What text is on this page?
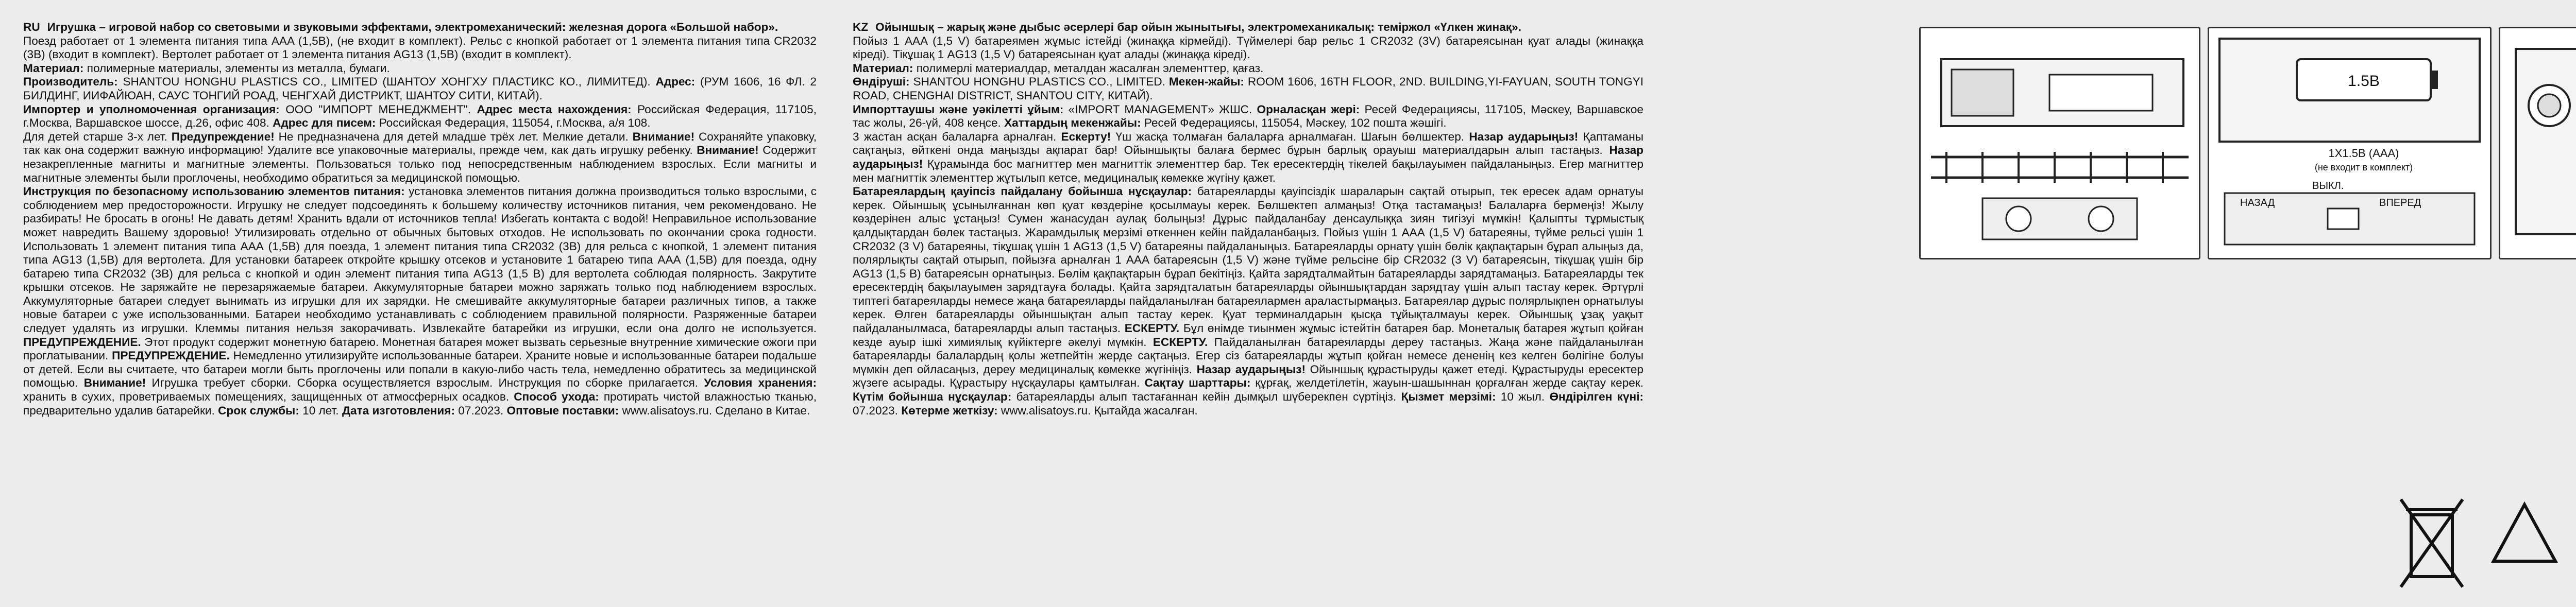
RU Игрушка – игровой набор со световыми и звуковыми эффектами, электромеханический: железная дорога «Большой набор».

Поезд работает от 1 элемента питания типа AAA (1,5В), (не входит в комплект). Рельс с кнопкой работает от 1 элемента питания типа CR2032 (3В) (входит в комплект). Вертолет работает от 1 элемента питания AG13 (1,5В) (входит в комплект).

Материал: полимерные материалы, элементы из металла, бумаги.

Производитель: SHANTOU HONGHU PLASTICS CO., LIMITED (ШАНТОУ ХОНГХУ ПЛАСТИКС КО., ЛИМИТЕД). Адрес: (РУМ 1606, 16 ФЛ. 2 БИЛДИНГ, ИИФАЙЮАН, САУС ТОНГИЙ РОАД, ЧЕНГХАЙ ДИСТРИКТ, ШАНТОУ СИТИ, КИТАЙ).

Импортер и уполномоченная организация: ООО "ИМПОРТ МЕНЕДЖМЕНТ". Адрес места нахождения: Российская Федерация, 117105, г.Москва, Варшавское шоссе, д.26, офис 408. Адрес для писем: Российская Федерация, 115054, г.Москва, а/я 108.

Для детей старше 3-х лет. Предупреждение! Не предназначена для детей младше трёх лет. Мелкие детали. Внимание! Сохраняйте упаковку, так как она содержит важную информацию! Удалите все упаковочные материалы, прежде чем, как дать игрушку ребенку. Внимание! Содержит незакрепленные магниты и магнитные элементы. Пользоваться только под непосредственным наблюдением взрослых. Если магниты и магнитные элементы были проглочены, необходимо обратиться за медицинской помощью.

Инструкция по безопасному использованию элементов питания: установка элементов питания должна производиться только взрослыми, с соблюдением мер предосторожности. Игрушку не следует подсоединять к большему количеству источников питания, чем рекомендовано. Не разбирать! Не бросать в огонь! Не давать детям! Хранить вдали от источников тепла! Избегать контакта с водой! Неправильное использование может навредить Вашему здоровью! Утилизировать отдельно от обычных бытовых отходов. Не использовать по окончании срока годности. Использовать 1 элемент питания типа ААА (1,5В) для поезда, 1 элемент питания типа CR2032 (3В) для рельса с кнопкой, 1 элемент питания типа AG13 (1,5В) для вертолета. Для установки батареек откройте крышку отсеков и установите 1 батарею типа ААА (1,5В) для поезда, одну батарею типа CR2032 (3В) для рельса с кнопкой и один элемент питания типа AG13 (1,5 В) для вертолета соблюдая полярность. Закрутите крышки отсеков. Не заряжайте не перезаряжаемые батареи. Аккумуляторные батареи можно заряжать только под наблюдением взрослых. Аккумуляторные батареи следует вынимать из игрушки для их зарядки. Не смешивайте аккумуляторные батареи различных типов, а также новые батареи с уже использованными. Батареи необходимо устанавливать с соблюдением правильной полярности. Разряженные батареи следует удалять из игрушки. Клеммы питания нельзя закорачивать. Извлекайте батарейки из игрушки, если она долго не используется. ПРЕДУПРЕЖДЕНИЕ. Этот продукт содержит монетную батарею. Монетная батарея может вызвать серьезные внутренние химические ожоги при проглатывании. ПРЕДУПРЕЖДЕНИЕ. Немедленно утилизируйте использованные батареи. Храните новые и использованные батареи подальше от детей. Если вы считаете, что батареи могли быть проглочены или попали в какую-либо часть тела, немедленно обратитесь за медицинской помощью. Внимание! Игрушка требует сборки. Сборка осуществляется взрослым. Инструкция по сборке прилагается. Условия хранения: хранить в сухих, проветриваемых помещениях, защищенных от атмосферных осадков. Способ ухода: протирать чистой влажностью тканью, предварительно удалив батарейки. Срок службы: 10 лет. Дата изготовления: 07.2023. Оптовые поставки: www.alisatoys.ru. Сделано в Китае.

KZ Ойыншық – жарық және дыбыс әсерлері бар ойын жынытығы, электромеханикалық: теміржол «Үлкен жинақ».

Пойыз 1 AAA (1,5 V) батареямен жұмыс істейді (жинаққа кірмейді). Түймелері бар рельс 1 CR2032 (3V) батареясынан қуат алады (жинаққа кіреді). Тікұшақ 1 AG13 (1,5 V) батареясынан қуат алады (жинаққа кіреді).

Материал: полимерлі материалдар, металдан жасалған элементтер, қағаз.

Өндіруші: SHANTOU HONGHU PLASTICS CO., LIMITED. Мекен-жайы: ROOM 1606, 16TH FLOOR, 2ND. BUILDING,YI-FAYUAN, SOUTH TONGYI ROAD, CHENGHAI DISTRICT, SHANTOU CITY, КИТАЙ).

Импорттаушы және уәкілетті ұйым: «IMPORT MANAGEMENT» ЖШС. Орналасқан жері: Ресей Федерациясы, 117105, Мәскеу, Варшавское тас жолы, 26-үй, 408 кеңсе. Хаттардың мекенжайы: Ресей Федерациясы, 115054, Мәскеу, 102 пошта жәшігі.

3 жастан асқан балаларға арналған. Ескерту! Үш жасқа толмаған балаларға арналмаған. Шағын бөлшектер. Назар аударыңыз! Қаптаманы сақтаңыз, өйткені онда маңызды ақпарат бар! Ойыншықты балаға бермес бұрын барлық орауыш материалдарын алып тастаңыз. Назар аударыңыз! Құрамында бос магниттер мен магниттік элементтер бар. Тек ересектердің тікелей бақылауымен пайдаланыңыз. Егер магниттер мен магниттік элементтер жұтылып кетсе, медициналық көмекке жүгіну қажет.

Батареялардың қауіпсіз пайдалану бойынша нұсқаулар: батареяларды қауіпсіздік шараларын сақтай отырып, тек ересек адам орнатуы керек. Ойыншық ұсынылғаннан көп қуат көздеріне қосылмауы керек. Бөлшектеп алмаңыз! Отқа тастамаңыз! Балаларға бермеңіз! Жылу көздерінен алыс ұстаңыз! Сумен жанасудан аулақ болыңыз! Дұрыс пайдаланбау денсаулыққа зиян тигізуі мүмкін! Қалыпты тұрмыстық қалдықтардан бөлек тастаңыз. Жарамдылық мерзімі өткеннен кейін пайдаланбаңыз. Пойыз үшін 1 ААА (1,5 V) батареяны, түйме рельсі үшін 1 CR2032 (3 V) батареяны, тікұшақ үшін 1 AG13 (1,5 V) батареяны пайдаланыңыз. Батареяларды орнату үшін бөлік қақпақтарын бұрап алыңыз да, полярлықты сақтай отырып, пойызға арналған 1 AAA батареясын (1,5 V) және түйме рельсіне бір CR2032 (3 V) батареясын, тікұшақ үшін бір AG13 (1,5 В) батареясын орнатыңыз. Бөлім қақпақтарын бұрап бекітіңіз. Қайта зарядталмайтын батареяларды зарядтамаңыз. Батареяларды тек ересектердің бақылауымен зарядтауға болады. Қайта зарядталатын батареяларды ойыншықтардан зарядтау үшін алып тастау керек. Әртүрлі типтегі батареяларды немесе жаңа батареяларды пайдаланылған батареялармен араластырмаңыз. Батареялар дұрыс полярлықпен орнатылуы керек. Өлген батареяларды ойыншықтан алып тастау керек. Қуат терминалдарын қысқа тұйықталмауы керек. Ойыншық ұзақ уақыт пайдаланылмаса, батареяларды алып тастаңыз. ЕСКЕРТУ. Бұл өнімде тиынмен жұмыс істейтін батарея бар. Монеталық батарея жұтып қойған кезде ауыр ішкі химиялық күйіктерге әкелуі мүмкін. ЕСКЕРТУ. Пайдаланылған батареяларды дереу тастаңыз. Жаңа және пайдаланылған батареяларды балалардың қолы жетпейтін жерде сақтаңыз. Егер сіз батареяларды жұтып қойған немесе дененің кез келген бөлігіне болуы мүмкін деп ойласаңыз, дереу медициналық көмекке жүгініңіз. Назар аударыңыз! Ойыншық құрастыруды қажет етеді. Құрастыруды ересектер жүзеге асырады. Құрастыру нұсқаулары қамтылған. Сақтау шарттары: құрғақ, желдетілетін, жауын-шашыннан қорғалған жерде сақтау керек. Күтім бойынша нұсқаулар: батареяларды алып тастағаннан кейін дымқыл шүберекпен сүртіңіз. Қызмет мерзімі: 10 жыл. Өндірілген күні: 07.2023. Көтерме жеткізу: www.alisatoys.ru. Қытайда жасалған.

1.5B
1X1.5B (AAA)
(не входит в комплект)
НАЗАД
ВЫКЛ.
ВПЕРЕД
